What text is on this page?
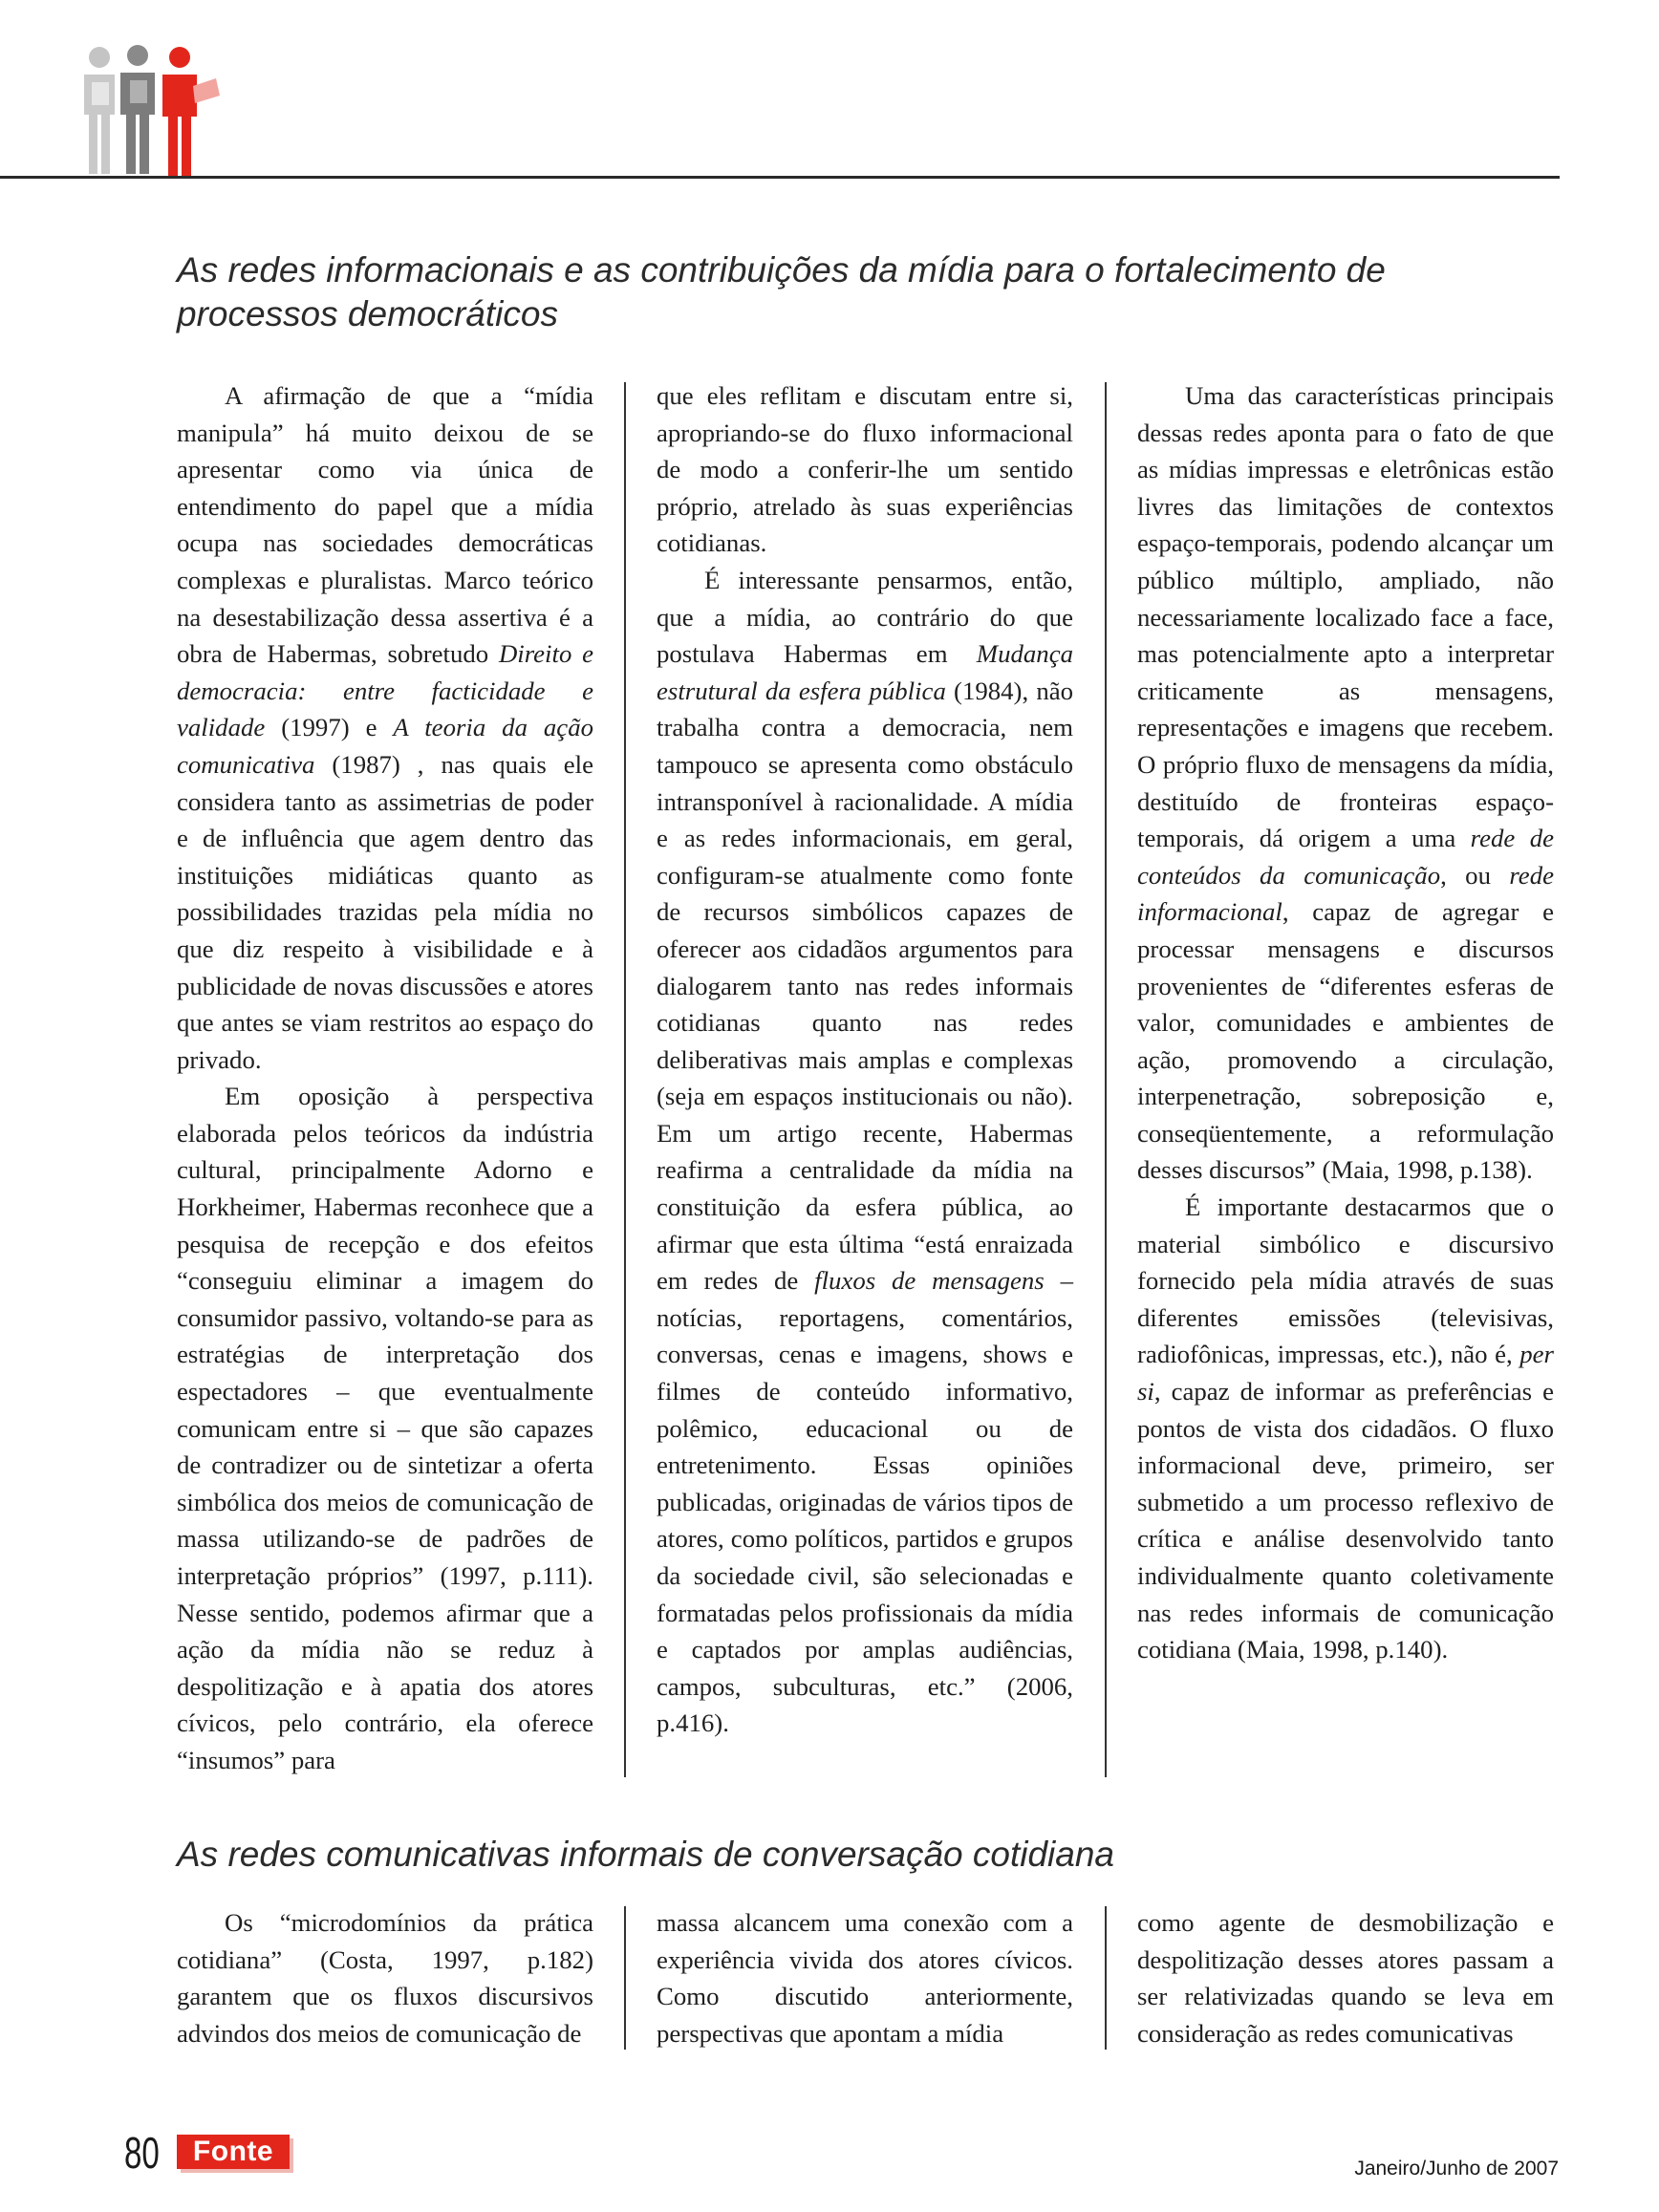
As redes informacionais e as contribuições da mídia para o fortalecimento de processos democráticos

A afirmação de que a “mídia manipula” há muito deixou de se apresentar como via única de entendimento do papel que a mídia ocupa nas sociedades democráticas complexas e pluralistas. Marco teórico na desestabilização dessa assertiva é a obra de Habermas, sobretudo Direito e democracia: entre facticidade e validade (1997) e A teoria da ação comunicativa (1987) , nas quais ele considera tanto as assimetrias de poder e de influência que agem dentro das instituições midiáticas quanto as possibilidades trazidas pela mídia no que diz respeito à visibilidade e à publicidade de novas discussões e atores que antes se viam restritos ao espaço do privado.

Em oposição à perspectiva elaborada pelos teóricos da indústria cultural, principalmente Adorno e Horkheimer, Habermas reconhece que a pesquisa de recepção e dos efeitos “conseguiu eliminar a imagem do consumidor passivo, voltando-se para as estratégias de interpretação dos espectadores – que eventualmente comunicam entre si – que são capazes de contradizer ou de sintetizar a oferta simbólica dos meios de comunicação de massa utilizando-se de padrões de interpretação próprios” (1997, p.111). Nesse sentido, podemos afirmar que a ação da mídia não se reduz à despolitização e à apatia dos atores cívicos, pelo contrário, ela oferece “insumos” para

que eles reflitam e discutam entre si, apropriando-se do fluxo informacional de modo a conferir-lhe um sentido próprio, atrelado às suas experiências cotidianas.

É interessante pensarmos, então, que a mídia, ao contrário do que postulava Habermas em Mudança estrutural da esfera pública (1984), não trabalha contra a democracia, nem tampouco se apresenta como obstáculo intransponível à racionalidade. A mídia e as redes informacionais, em geral, configuram-se atualmente como fonte de recursos simbólicos capazes de oferecer aos cidadãos argumentos para dialogarem tanto nas redes informais cotidianas quanto nas redes deliberativas mais amplas e complexas (seja em espaços institucionais ou não). Em um artigo recente, Habermas reafirma a centralidade da mídia na constituição da esfera pública, ao afirmar que esta última “está enraizada em redes de fluxos de mensagens – notícias, reportagens, comentários, conversas, cenas e imagens, shows e filmes de conteúdo informativo, polêmico, educacional ou de entretenimento. Essas opiniões publicadas, originadas de vários tipos de atores, como políticos, partidos e grupos da sociedade civil, são selecionadas e formatadas pelos profissionais da mídia e captados por amplas audiências, campos, subculturas, etc.” (2006, p.416).

Uma das características principais dessas redes aponta para o fato de que as mídias impressas e eletrônicas estão livres das limitações de contextos espaço-temporais, podendo alcançar um público múltiplo, ampliado, não necessariamente localizado face a face, mas potencialmente apto a interpretar criticamente as mensagens, representações e imagens que recebem. O próprio fluxo de mensagens da mídia, destituído de fronteiras espaço-temporais, dá origem a uma rede de conteúdos da comunicação, ou rede informacional, capaz de agregar e processar mensagens e discursos provenientes de “diferentes esferas de valor, comunidades e ambientes de ação, promovendo a circulação, interpenetração, sobreposição e, conseqüentemente, a reformulação desses discursos” (Maia, 1998, p.138).

É importante destacarmos que o material simbólico e discursivo fornecido pela mídia através de suas diferentes emissões (televisivas, radiofônicas, impressas, etc.), não é, per si, capaz de informar as preferências e pontos de vista dos cidadãos. O fluxo informacional deve, primeiro, ser submetido a um processo reflexivo de crítica e análise desenvolvido tanto individualmente quanto coletivamente nas redes informais de comunicação cotidiana (Maia, 1998, p.140).

As redes comunicativas informais de conversação cotidiana

Os “microdomínios da prática cotidiana” (Costa, 1997, p.182) garantem que os fluxos discursivos advindos dos meios de comunicação de

massa alcancem uma conexão com a experiência vivida dos atores cívicos. Como discutido anteriormente, perspectivas que apontam a mídia

como agente de desmobilização e despolitização desses atores passam a ser relativizadas quando se leva em consideração as redes comunicativas

80	Fonte
Janeiro/Junho de 2007
